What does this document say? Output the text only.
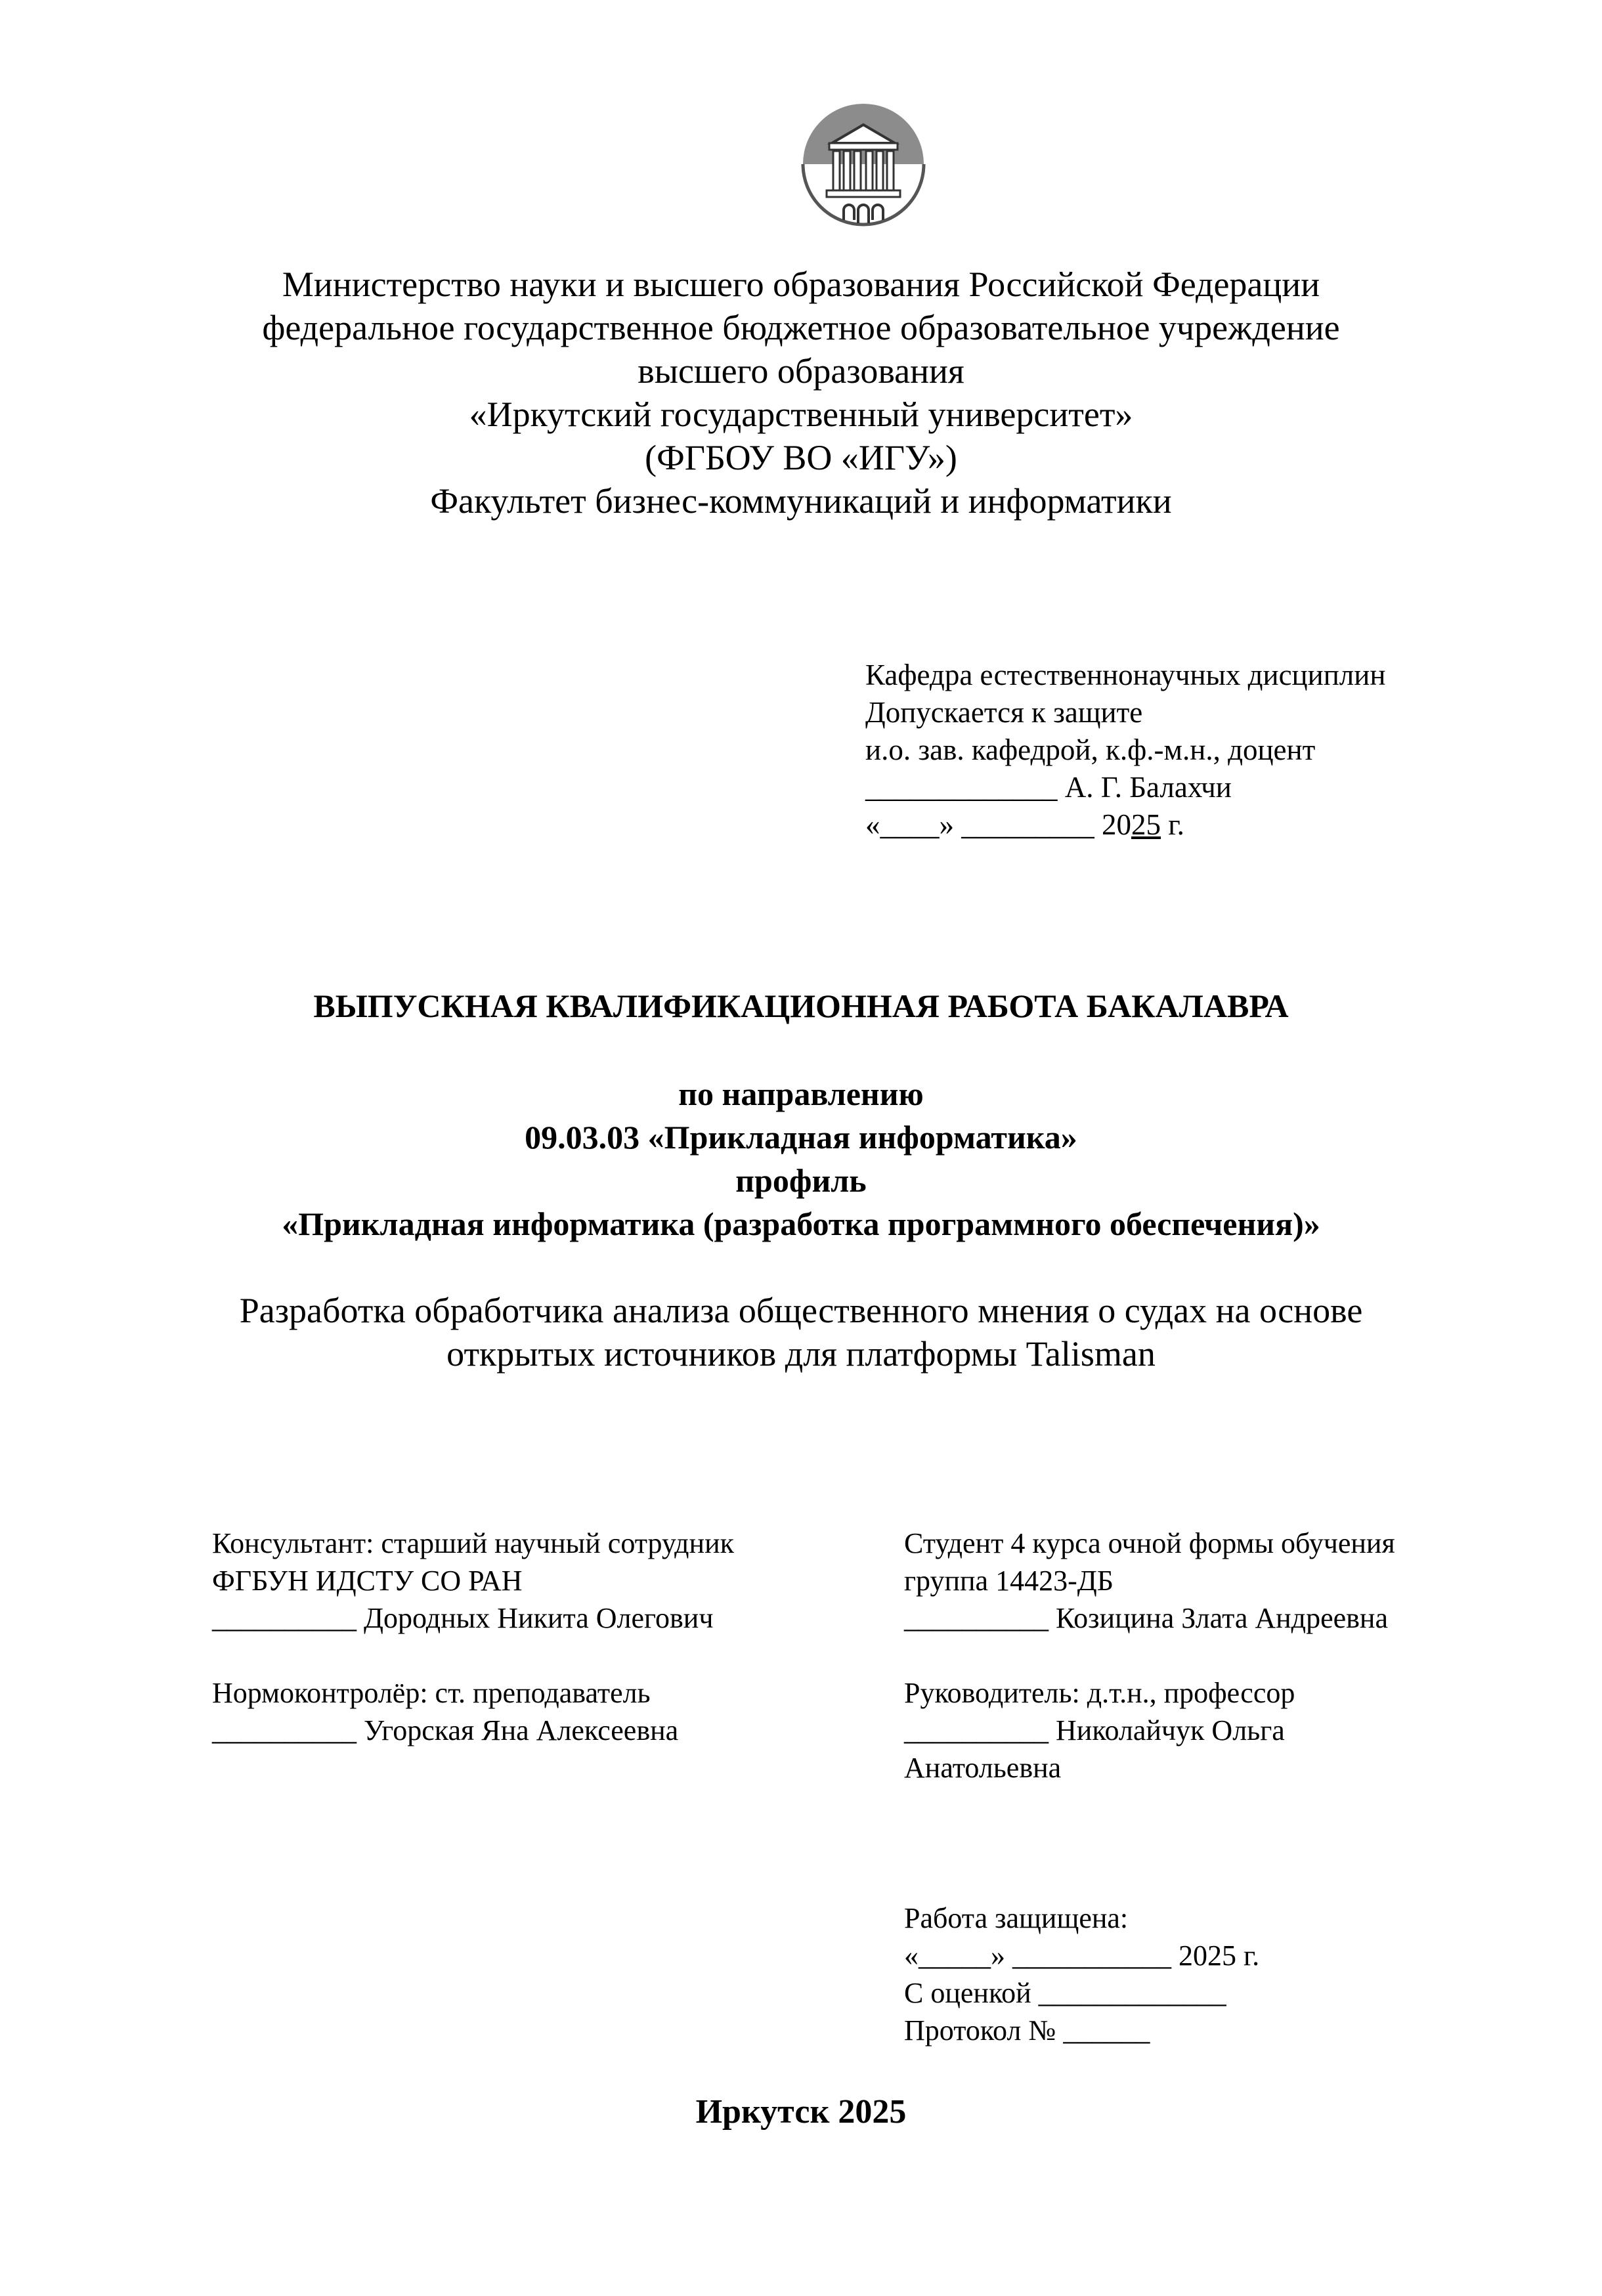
Министерство науки и высшего образования Российской Федерации
федеральное государственное бюджетное образовательное учреждение
высшего образования
«Иркутский государственный университет»
(ФГБОУ ВО «ИГУ»)
Факультет бизнес-коммуникаций и информатики
Кафедра естественнонаучных дисциплин
Допускается к защите
и.о. зав. кафедрой, к.ф.-м.н., доцент
_____________ А. Г. Балахчи
«____» _________ 2025 г.
ВЫПУСКНАЯ КВАЛИФИКАЦИОННАЯ РАБОТА БАКАЛАВРА
по направлению
09.03.03 «Прикладная информатика»
профиль
«Прикладная информатика (разработка программного обеспечения)»
Разработка обработчика анализа общественного мнения о судах на основе
открытых источников для платформы Talisman
Консультант: старший научный сотрудник
ФГБУН ИДСТУ СО РАН
__________ Дородных Никита Олегович
Нормоконтролёр: ст. преподаватель
__________ Угорская Яна Алексеевна
Студент 4 курса очной формы обучения
группа 14423-ДБ
__________ Козицина Злата Андреевна
Руководитель: д.т.н., профессор
__________ Николайчук Ольга
Анатольевна
Работа защищена:
«_____» ___________ 2025 г.
С оценкой _____________
Протокол № ______
Иркутск 2025
